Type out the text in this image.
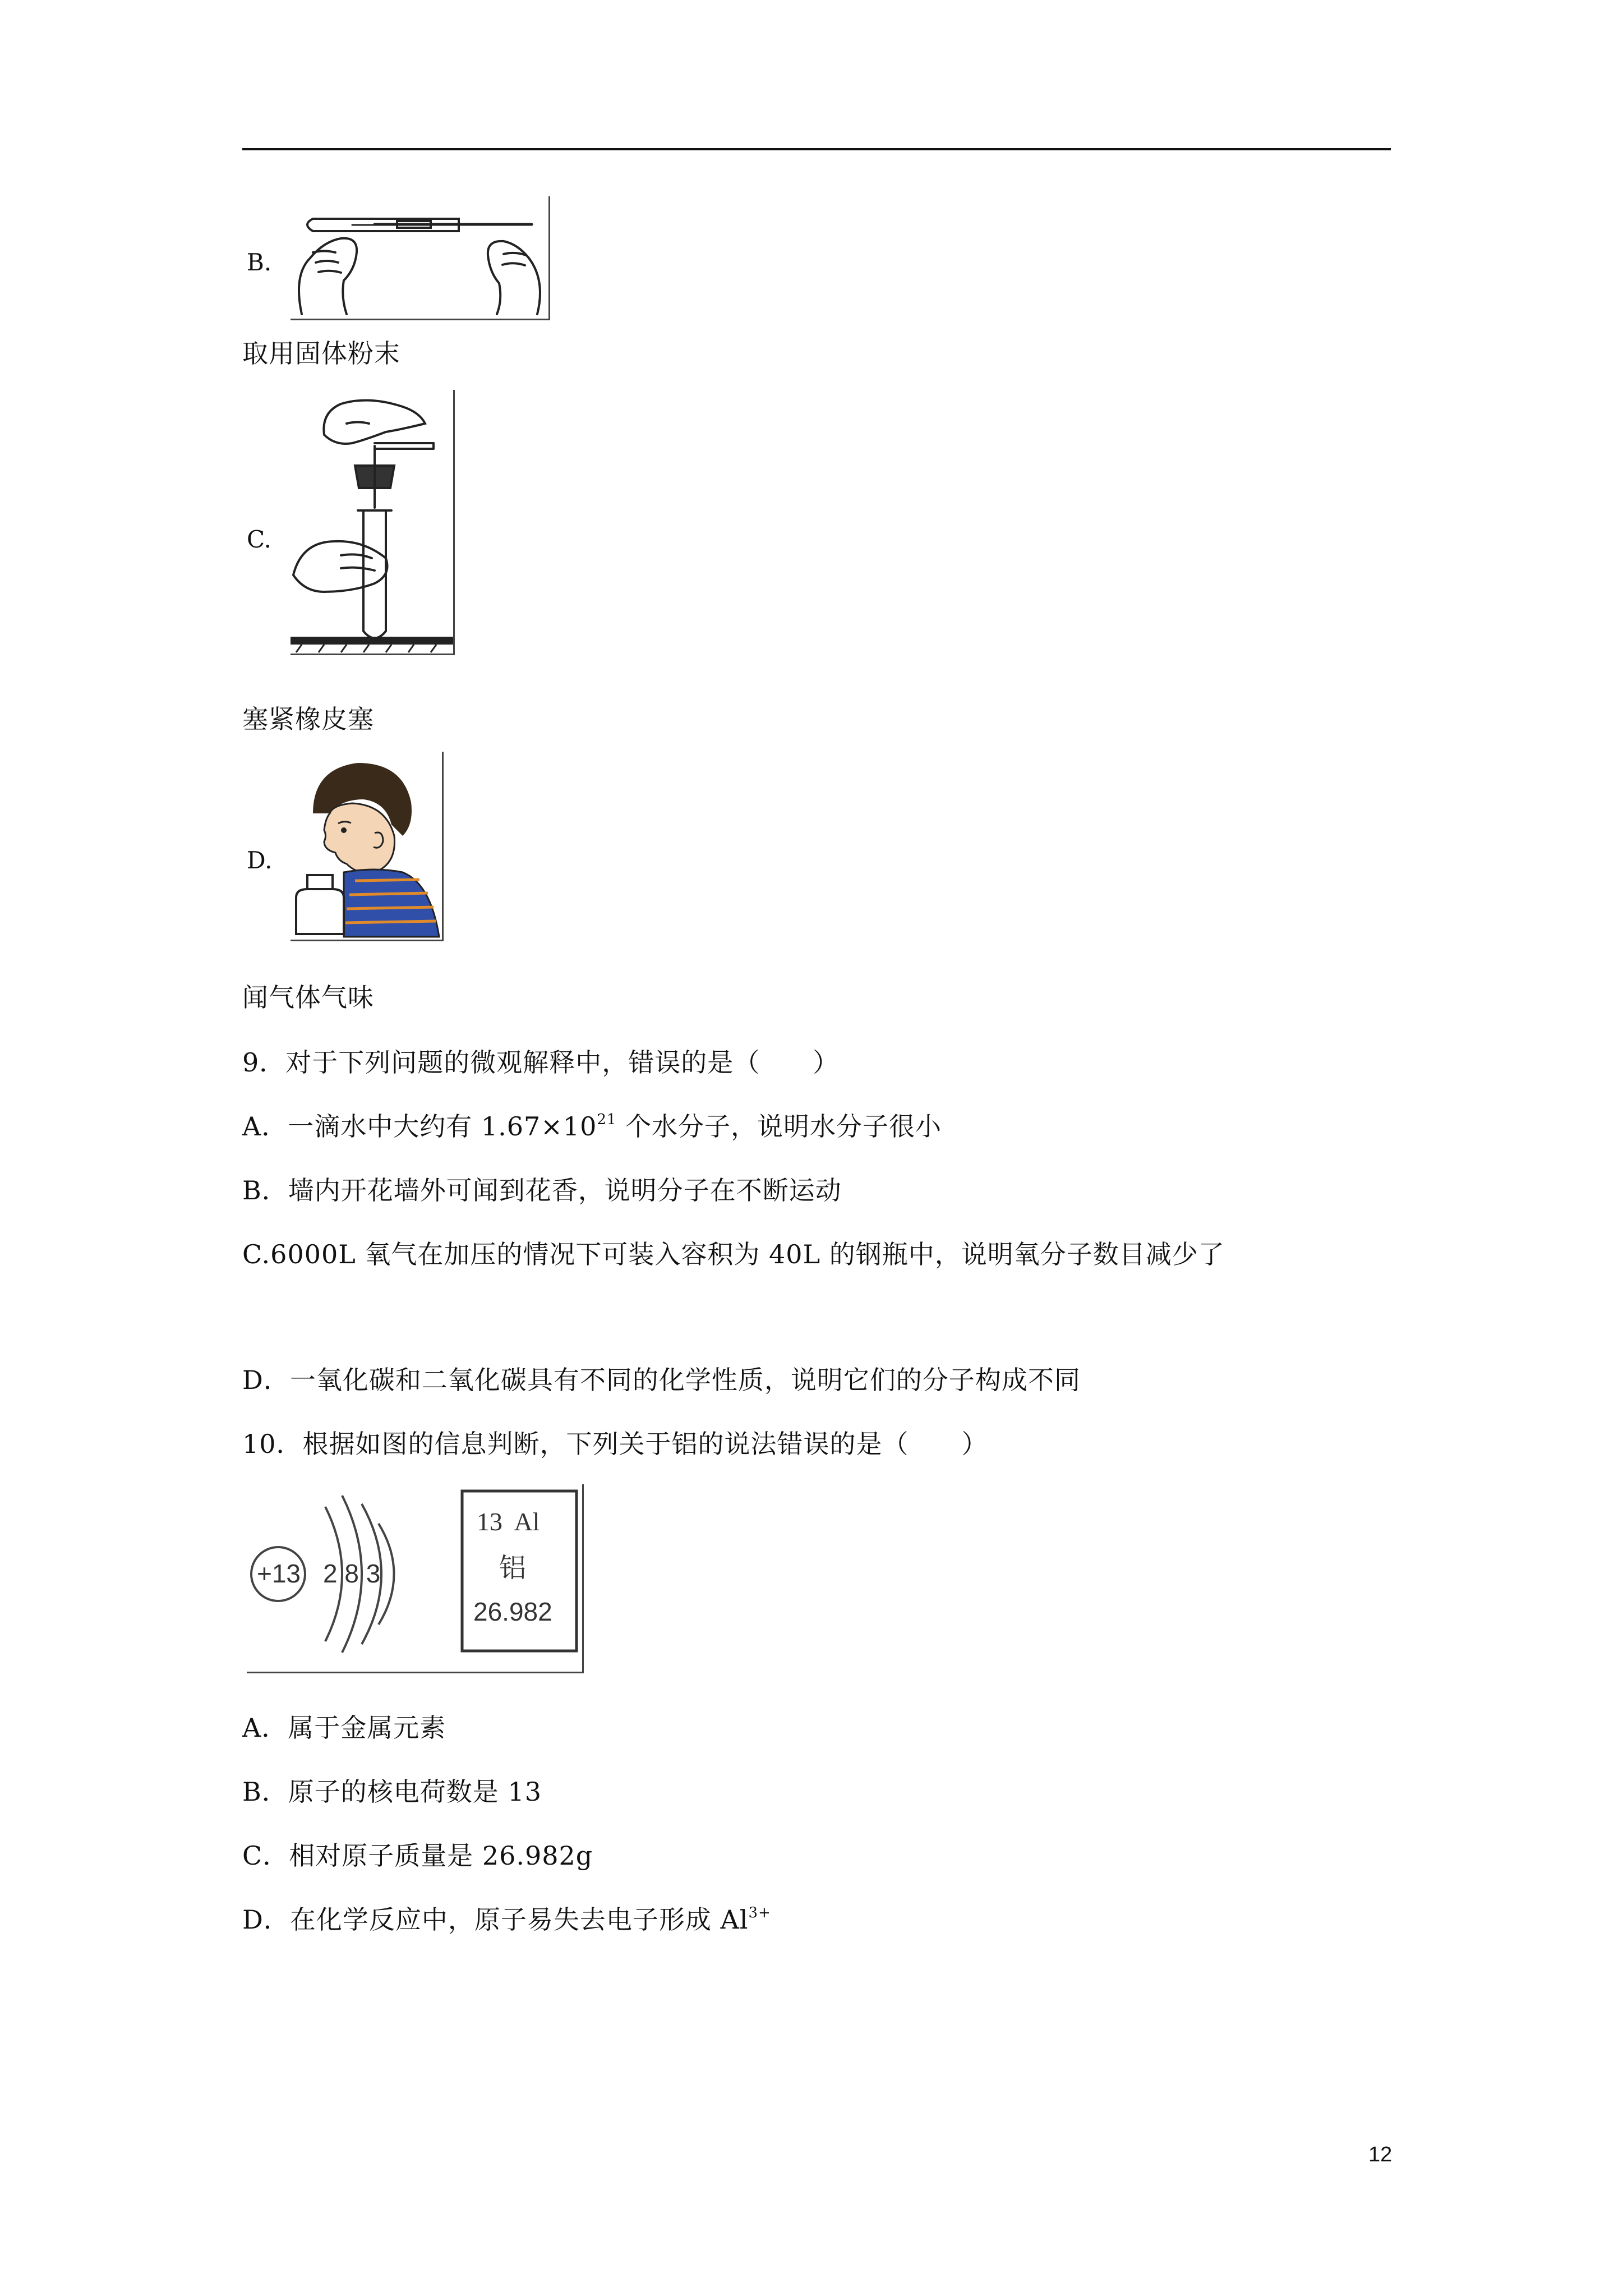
B.
取用固体粉末
C.
塞紧橡皮塞
D.
闻气体气味
9．对于下列问题的微观解释中，错误的是（　　）
A．一滴水中大约有 $1.67\times 10^{21}$ 个水分子，说明水分子很小
B．墙内开花墙外可闻到花香，说明分子在不断运动
C.6000L 氧气在加压的情况下可装入容积为 40L 的钢瓶中，说明氧分子数目减少了
D．一氧化碳和二氧化碳具有不同的化学性质，说明它们的分子构成不同
10．根据如图的信息判断，下列关于铝的说法错误的是（　　）
+13 2 8 3
13  Al
铝
26.982
A．属于金属元素
B．原子的核电荷数是 13
C．相对原子质量是 26.982g
D．在化学反应中，原子易失去电子形成 $Al^{3+}$
12
